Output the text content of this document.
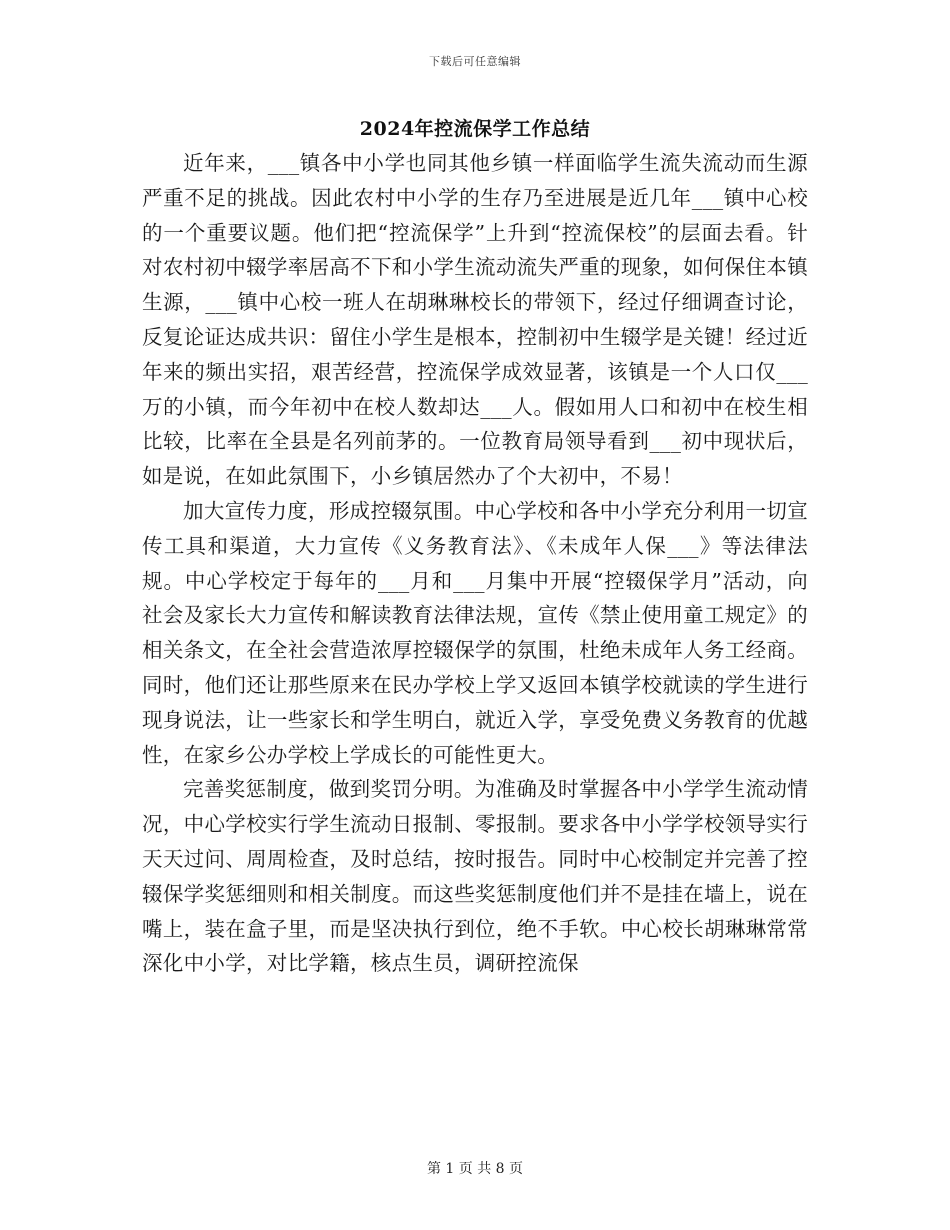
下载后可任意编辑
2024年控流保学工作总结

近年来，___镇各中小学也同其他乡镇一样面临学生流失流动而生源严重不足的挑战。因此农村中小学的生存乃至进展是近几年___镇中心校的一个重要议题。他们把“控流保学”上升到“控流保校”的层面去看。针对农村初中辍学率居高不下和小学生流动流失严重的现象，如何保住本镇生源，___镇中心校一班人在胡琳琳校长的带领下，经过仔细调查讨论，反复论证达成共识：留住小学生是根本，控制初中生辍学是关键！经过近年来的频出实招，艰苦经营，控流保学成效显著，该镇是一个人口仅___万的小镇，而今年初中在校人数却达___人。假如用人口和初中在校生相比较，比率在全县是名列前茅的。一位教育局领导看到___初中现状后，如是说，在如此氛围下，小乡镇居然办了个大初中，不易！

加大宣传力度，形成控辍氛围。中心学校和各中小学充分利用一切宣传工具和渠道，大力宣传《义务教育法》、《未成年人保___》等法律法规。中心学校定于每年的___月和___月集中开展“控辍保学月”活动，向社会及家长大力宣传和解读教育法律法规，宣传《禁止使用童工规定》的相关条文，在全社会营造浓厚控辍保学的氛围，杜绝未成年人务工经商。同时，他们还让那些原来在民办学校上学又返回本镇学校就读的学生进行现身说法，让一些家长和学生明白，就近入学，享受免费义务教育的优越性，在家乡公办学校上学成长的可能性更大。

完善奖惩制度，做到奖罚分明。为准确及时掌握各中小学学生流动情况，中心学校实行学生流动日报制、零报制。要求各中小学学校领导实行天天过问、周周检查，及时总结，按时报告。同时中心校制定并完善了控辍保学奖惩细则和相关制度。而这些奖惩制度他们并不是挂在墙上，说在嘴上，装在盒子里，而是坚决执行到位，绝不手软。中心校长胡琳琳常常深化中小学，对比学籍，核点生员，调研控流保

第 1 页 共 8 页
